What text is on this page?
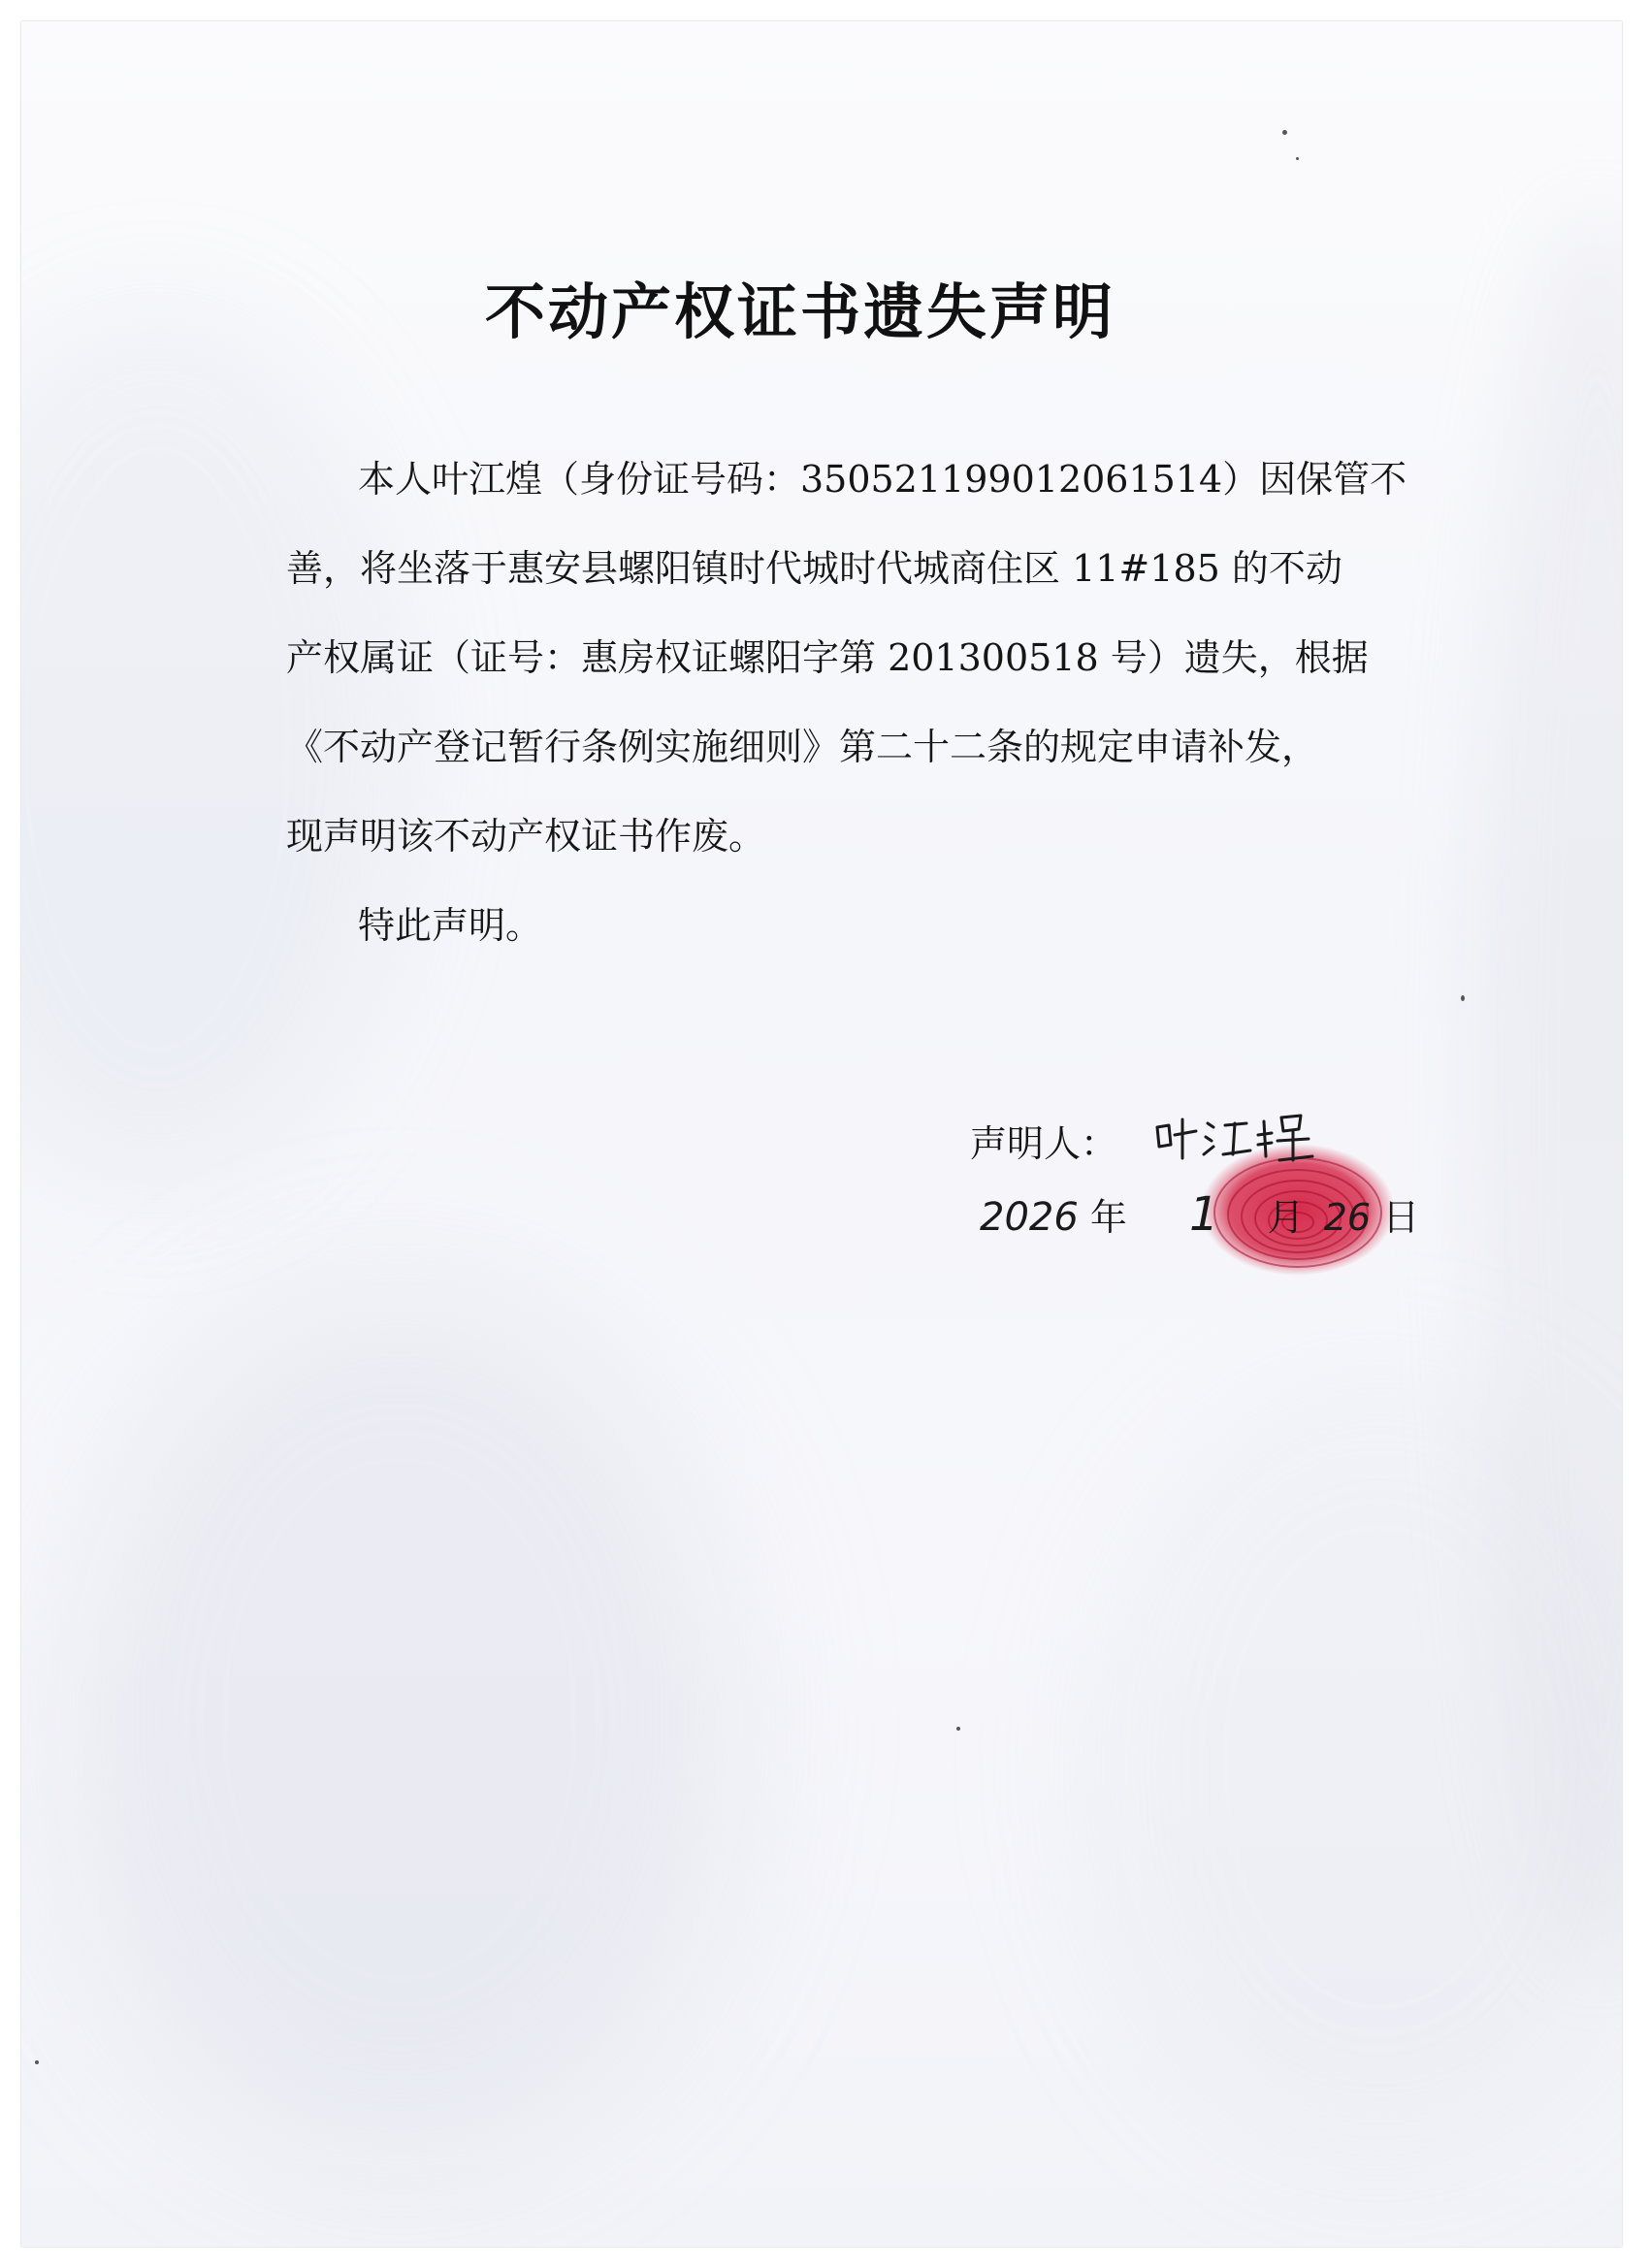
不动产权证书遗失声明
本人叶江煌（身份证号码：350521199012061514）因保管不
善，将坐落于惠安县螺阳镇时代城时代城商住区 11#185 的不动
产权属证（证号：惠房权证螺阳字第 201300518 号）遗失，根据
《不动产登记暂行条例实施细则》第二十二条的规定申请补发，
现声明该不动产权证书作废。
特此声明。
声明人：
2026 年 1 月 26 日
